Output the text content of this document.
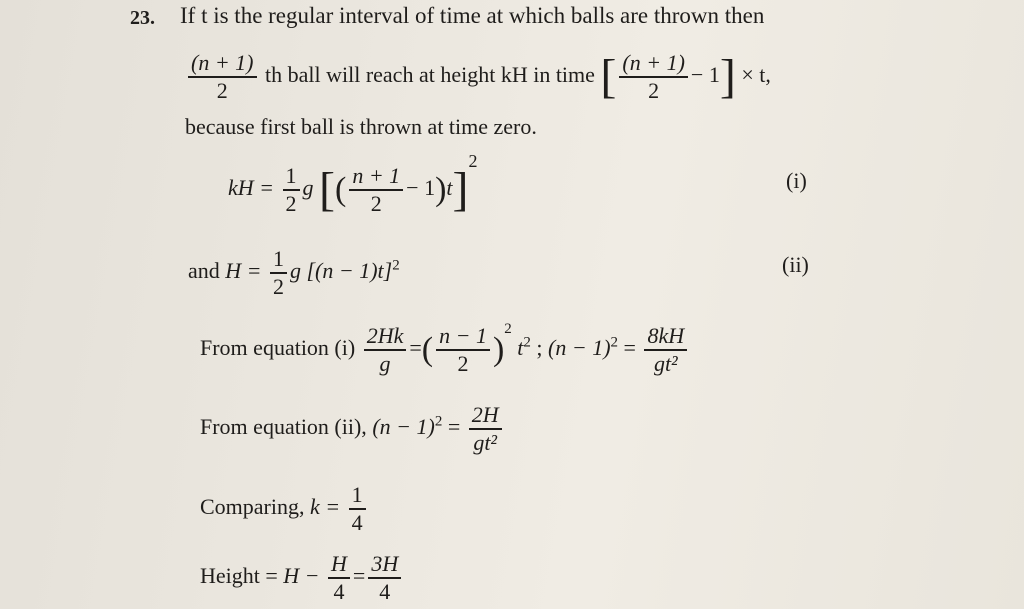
23. If t is the regular interval of time at which balls are thrown then
$\frac{(n + 1)}{2}$ th ball will reach at height kH in time [ $\frac{(n + 1)}{2} - 1] \times t$,
because first ball is thrown at time zero.
kH = $\frac{1}{2}$ g [( $\frac{n + 1}{2} - 1)t]^2$
(i)
and $H = \frac{1}{2}$ g $[(n - 1)t]^2$	(ii)
From equation $(i) \frac{2Hk}{g}$ =( $\frac{n - 1}{2} )^2$ $t^2$ ; $(n - 1)^2 = \frac{8kH}{\text{gt²}}$
From equation (ii), $(n - 1)^2 = \frac{2H}{\text{gt²}}$
Comparing, $k = \frac{1}{4}$
Height = $H - \frac{H}{4} = \frac{3H}{4}$
